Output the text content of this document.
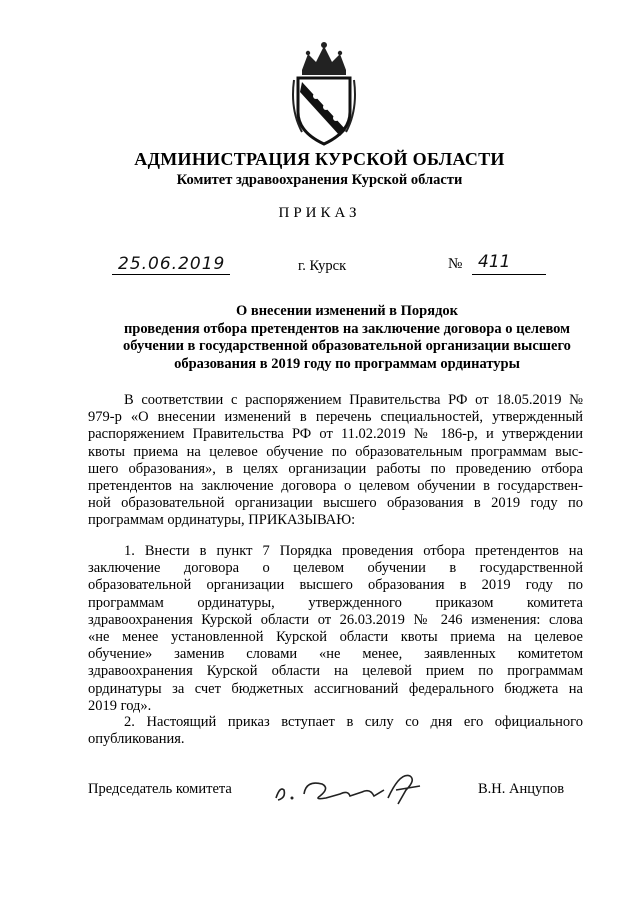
АДМИНИСТРАЦИЯ КУРСКОЙ ОБЛАСТИ
Комитет здравоохранения Курской области
ПРИКАЗ
25.06.2019	г. Курск	№ 411
О внесении изменений в Порядок
проведения отбора претендентов на заключение договора о целевом
обучении в государственной образовательной организации высшего
образования в 2019 году по программам ординатуры
В соответствии с распоряжением Правительства РФ от 18.05.2019 №
979-р «О внесении изменений в перечень специальностей, утвержденный
распоряжением Правительства РФ от 11.02.2019 № 186-р, и утверждении
квоты приема на целевое обучение по образовательным программам выс-
шего образования», в целях организации работы по проведению отбора
претендентов на заключение договора о целевом обучении в государствен-
ной образовательной организации высшего образования в 2019 году по
программам ординатуры, ПРИКАЗЫВАЮ:
1. Внести в пункт 7 Порядка проведения отбора претендентов на
заключение договора о целевом обучении в государственной
образовательной организации высшего образования в 2019 году по
программам ординатуры, утвержденного приказом комитета
здравоохранения Курской области от 26.03.2019 № 246 изменения: слова
«не менее установленной Курской области квоты приема на целевое
обучение» заменив словами «не менее, заявленных комитетом
здравоохранения Курской области на целевой прием по программам
ординатуры за счет бюджетных ассигнований федерального бюджета на
2019 год».
2. Настоящий приказ вступает в силу со дня его официального
опубликования.
Председатель комитета	В.Н. Анцупов
